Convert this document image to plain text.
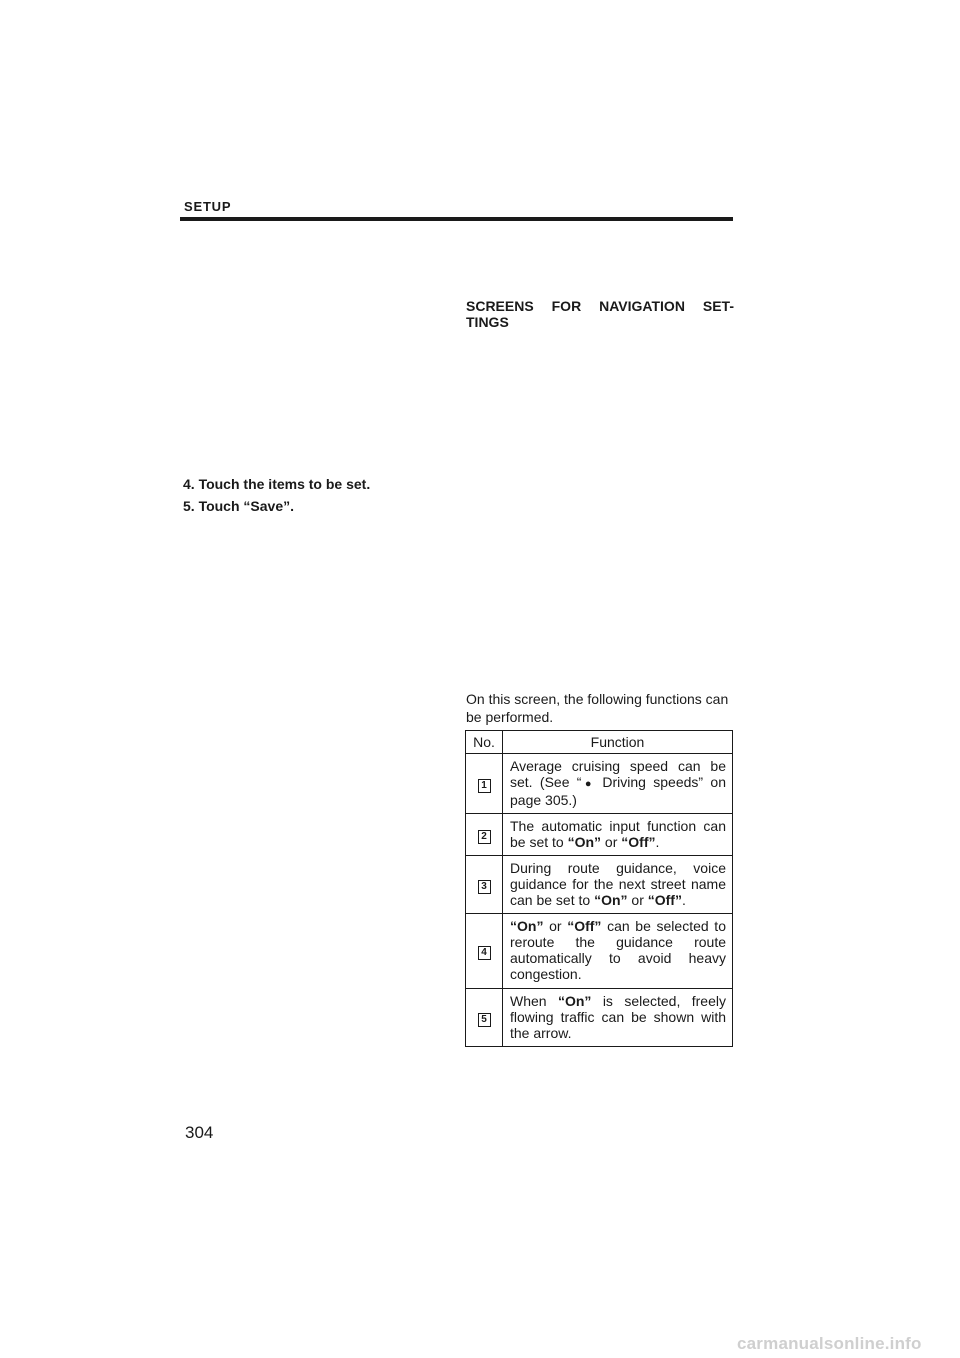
SETUP
SCREENS FOR NAVIGATION SET-
TINGS
4. Touch the items to be set.
5. Touch “Save”.
On this screen, the following functions can be performed.
No.	Function
1	Average cruising speed can be set. (See “● Driving speeds” on page 305.)
2	The automatic input function can be set to “On” or “Off”.
3	During route guidance, voice guidance for the next street name can be set to “On” or “Off”.
4	“On” or “Off” can be selected to reroute the guidance route automatically to avoid heavy congestion.
5	When “On” is selected, freely flowing traffic can be shown with the arrow.
304
carmanualsonline.info
